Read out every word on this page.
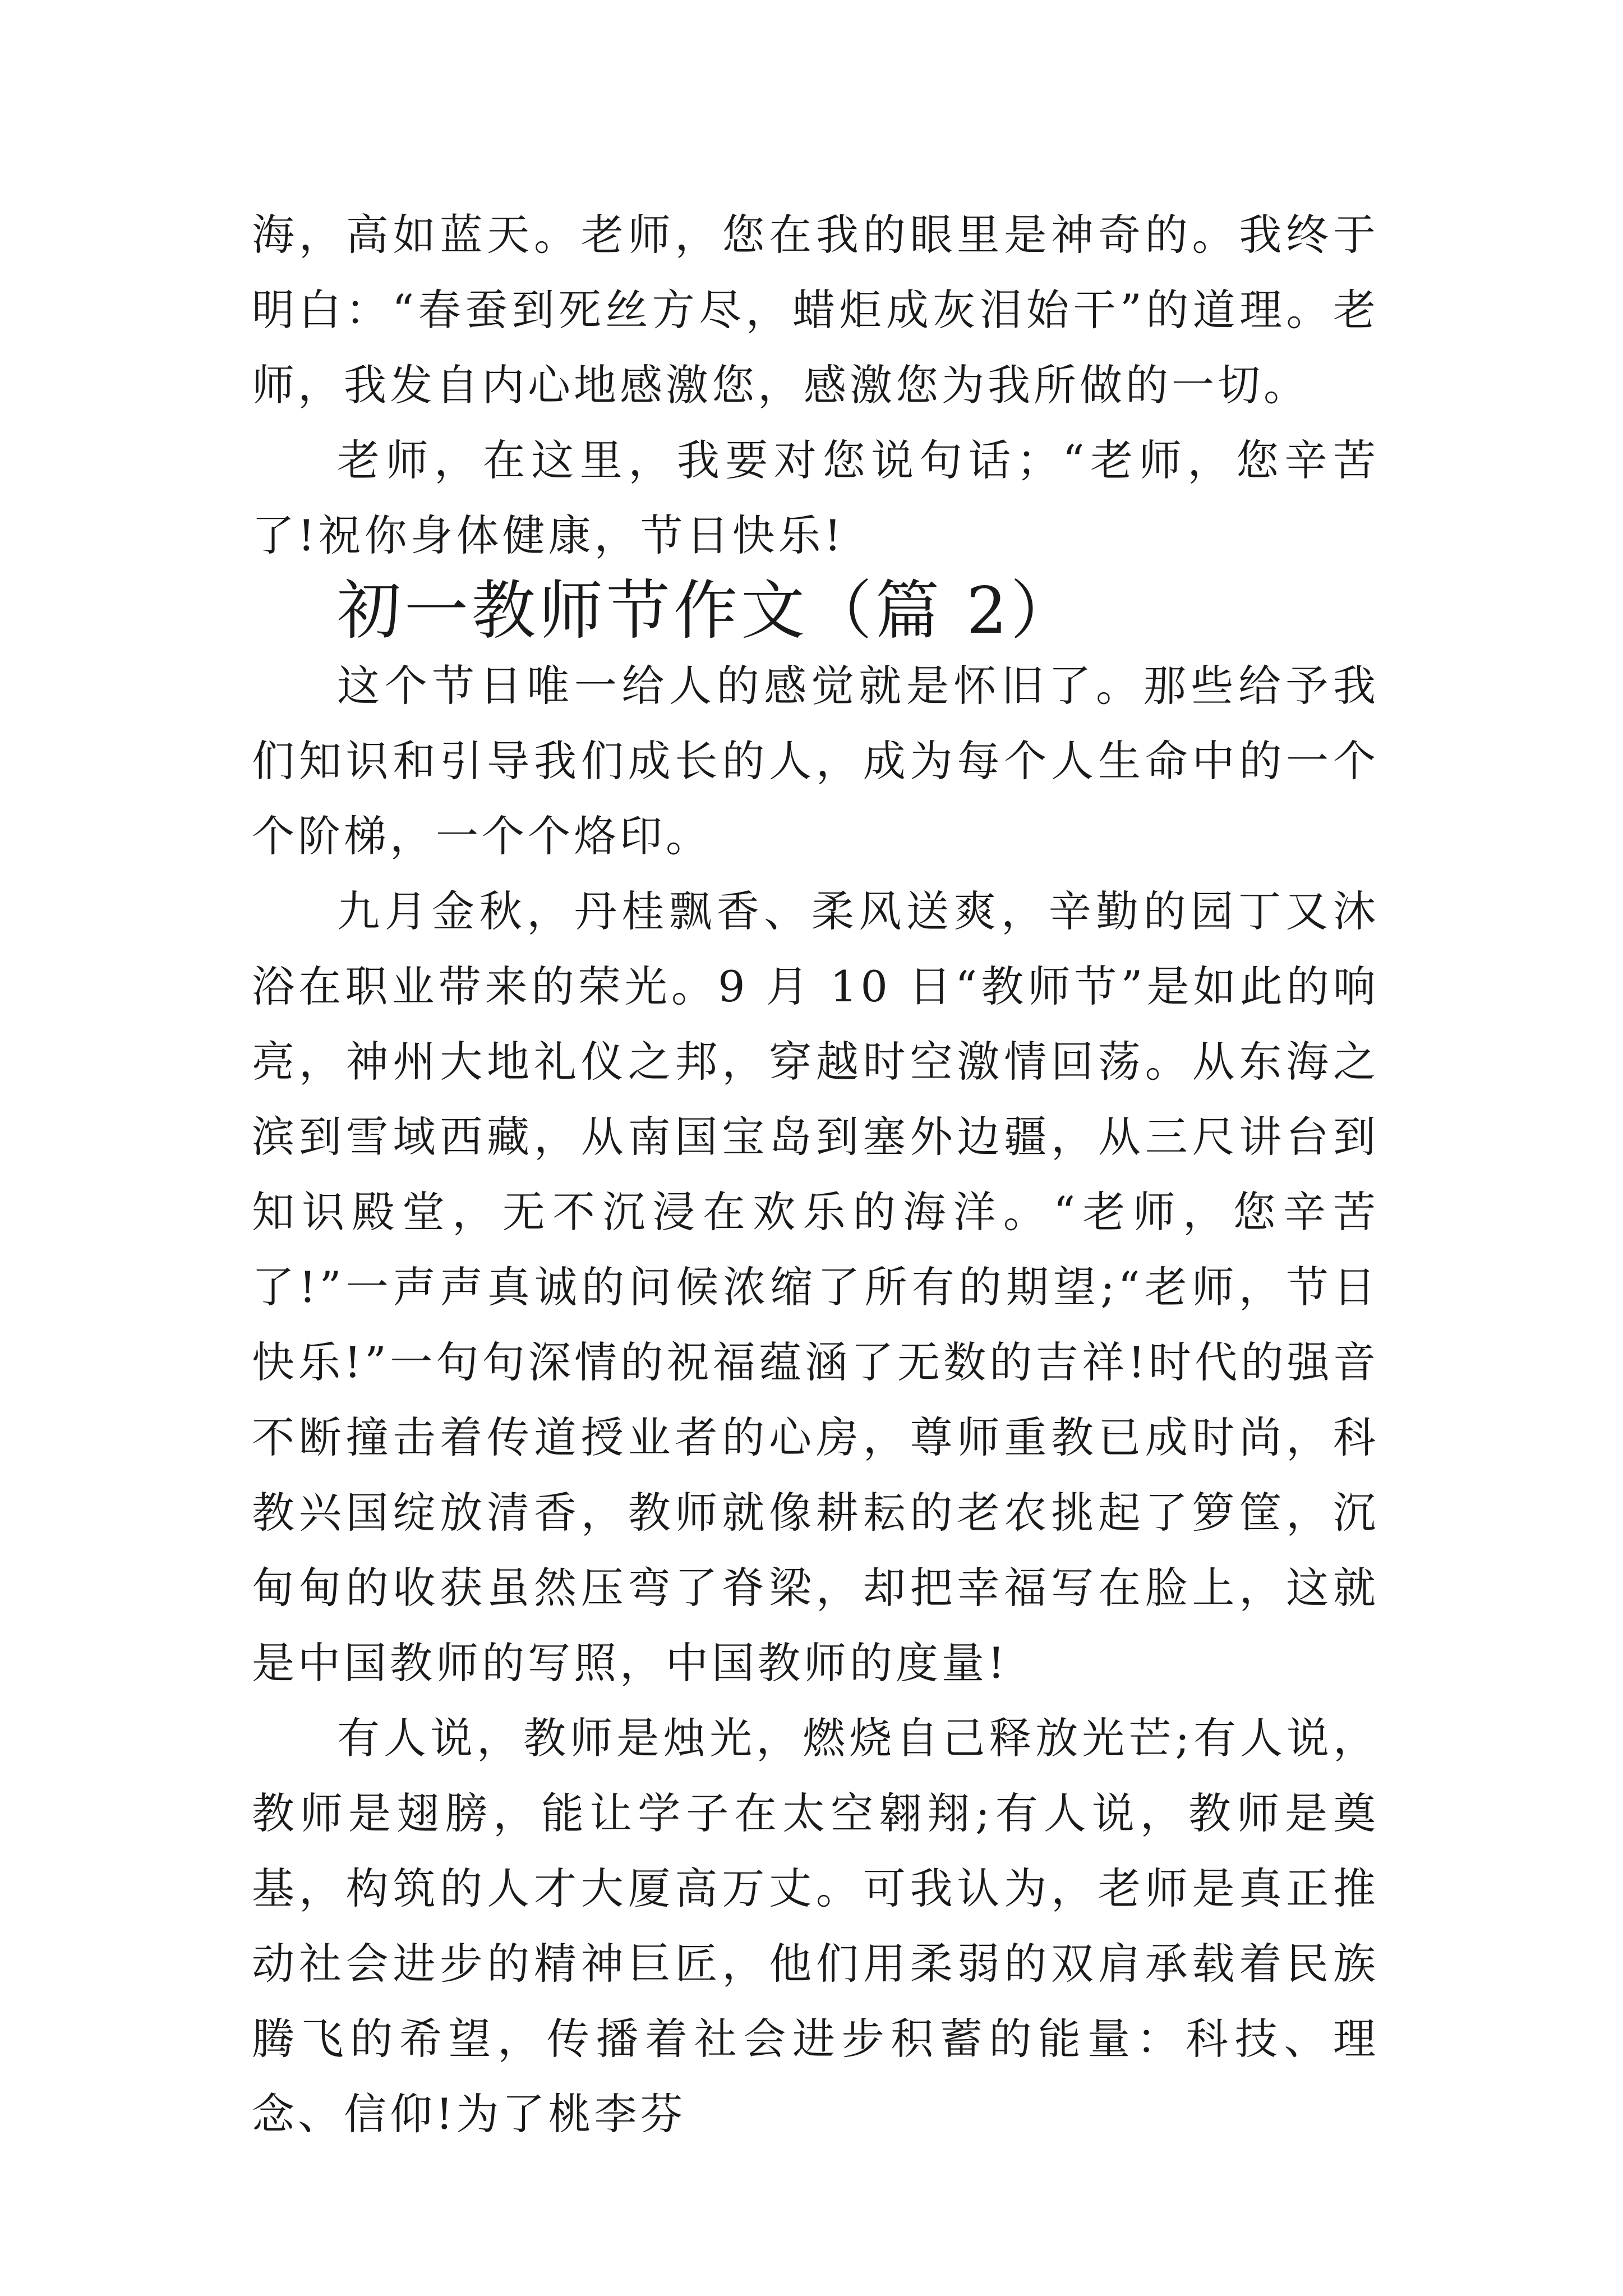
海，高如蓝天。老师，您在我的眼里是神奇的。我终于明白：“春蚕到死丝方尽，蜡炬成灰泪始干”的道理。老师，我发自内心地感激您，感激您为我所做的一切。

老师，在这里，我要对您说句话；“老师，您辛苦了!祝你身体健康，节日快乐!

初一教师节作文（篇 2）

这个节日唯一给人的感觉就是怀旧了。那些给予我们知识和引导我们成长的人，成为每个人生命中的一个个阶梯，一个个烙印。

九月金秋，丹桂飘香、柔风送爽，辛勤的园丁又沐浴在职业带来的荣光。9 月 10 日“教师节”是如此的响亮，神州大地礼仪之邦，穿越时空激情回荡。从东海之滨到雪域西藏，从南国宝岛到塞外边疆，从三尺讲台到知识殿堂，无不沉浸在欢乐的海洋。“老师，您辛苦了!”一声声真诚的问候浓缩了所有的期望;“老师，节日快乐!”一句句深情的祝福蕴涵了无数的吉祥!时代的强音不断撞击着传道授业者的心房，尊师重教已成时尚，科教兴国绽放清香，教师就像耕耘的老农挑起了箩筐，沉甸甸的收获虽然压弯了脊梁，却把幸福写在脸上，这就是中国教师的写照，中国教师的度量!

有人说，教师是烛光，燃烧自己释放光芒;有人说，教师是翅膀，能让学子在太空翱翔;有人说，教师是奠基，构筑的人才大厦高万丈。可我认为，老师是真正推动社会进步的精神巨匠，他们用柔弱的双肩承载着民族腾飞的希望，传播着社会进步积蓄的能量：科技、理念、信仰!为了桃李芬
